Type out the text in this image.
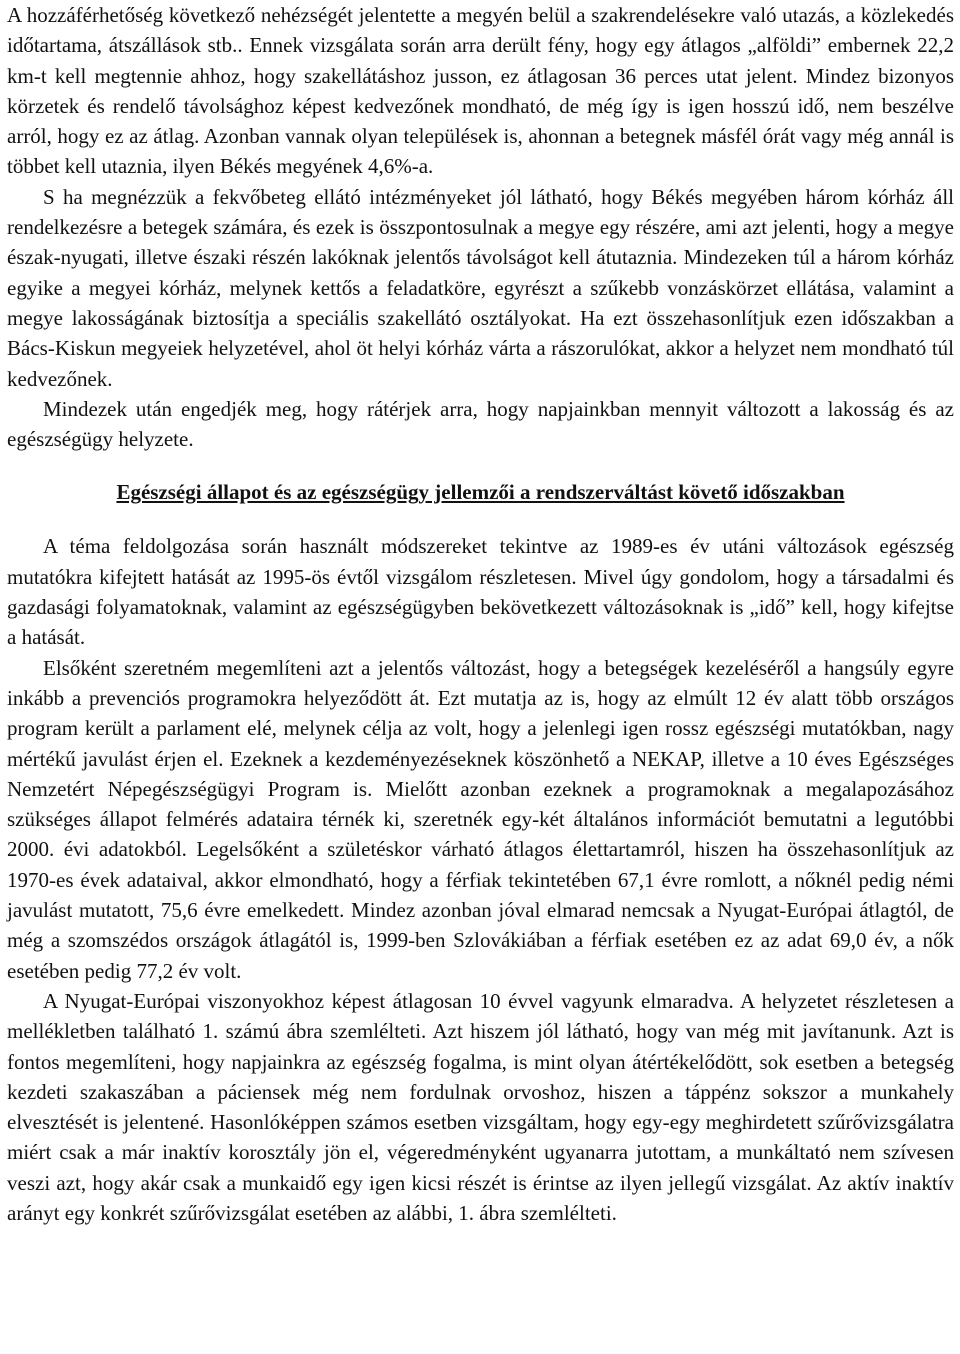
A hozzáférhetőség következő nehézségét jelentette a megyén belül a szakrendelésekre való utazás, a közlekedés időtartama, átszállások stb.. Ennek vizsgálata során arra derült fény, hogy egy átlagos „alföldi” embernek 22,2 km-t kell megtennie ahhoz, hogy szakellátáshoz jusson, ez átlagosan 36 perces utat jelent. Mindez bizonyos körzetek és rendelő távolsághoz képest kedvezőnek mondható, de még így is igen hosszú idő, nem beszélve arról, hogy ez az átlag. Azonban vannak olyan települések is, ahonnan a betegnek másfél órát vagy még annál is többet kell utaznia, ilyen Békés megyének 4,6%-a.

S ha megnézzük a fekvőbeteg ellátó intézményeket jól látható, hogy Békés megyében három kórház áll rendelkezésre a betegek számára, és ezek is összpontosulnak a megye egy részére, ami azt jelenti, hogy a megye észak-nyugati, illetve északi részén lakóknak jelentős távolságot kell átutaznia. Mindezeken túl a három kórház egyike a megyei kórház, melynek kettős a feladatköre, egyrészt a szűkebb vonzáskörzet ellátása, valamint a megye lakosságának biztosítja a speciális szakellátó osztályokat. Ha ezt összehasonlítjuk ezen időszakban a Bács-Kiskun megyeiek helyzetével, ahol öt helyi kórház várta a rászorulókat, akkor a helyzet nem mondható túl kedvezőnek.

Mindezek után engedjék meg, hogy rátérjek arra, hogy napjainkban mennyit változott a lakosság és az egészségügy helyzete.

Egészségi állapot és az egészségügy jellemzői a rendszerváltást követő időszakban

A téma feldolgozása során használt módszereket tekintve az 1989-es év utáni változások egészség mutatókra kifejtett hatását az 1995-ös évtől vizsgálom részletesen. Mivel úgy gondolom, hogy a társadalmi és gazdasági folyamatoknak, valamint az egészségügyben bekövetkezett változásoknak is „idő” kell, hogy kifejtse a hatását.

Elsőként szeretném megemlíteni azt a jelentős változást, hogy a betegségek kezeléséről a hangsúly egyre inkább a prevenciós programokra helyeződött át. Ezt mutatja az is, hogy az elmúlt 12 év alatt több országos program került a parlament elé, melynek célja az volt, hogy a jelenlegi igen rossz egészségi mutatókban, nagy mértékű javulást érjen el. Ezeknek a kezdeményezéseknek köszönhető a NEKAP, illetve a 10 éves Egészséges Nemzetért Népegészségügyi Program is. Mielőtt azonban ezeknek a programoknak a megalapozásához szükséges állapot felmérés adataira térnék ki, szeretnék egy-két általános információt bemutatni a legutóbbi 2000. évi adatokból. Legelsőként a születéskor várható átlagos élettartamról, hiszen ha összehasonlítjuk az 1970-es évek adataival, akkor elmondható, hogy a férfiak tekintetében 67,1 évre romlott, a nőknél pedig némi javulást mutatott, 75,6 évre emelkedett. Mindez azonban jóval elmarad nemcsak a Nyugat-Európai átlagtól, de még a szomszédos országok átlagától is, 1999-ben Szlovákiában a férfiak esetében ez az adat 69,0 év, a nők esetében pedig 77,2 év volt.

A Nyugat-Európai viszonyokhoz képest átlagosan 10 évvel vagyunk elmaradva. A helyzetet részletesen a mellékletben található 1. számú ábra szemlélteti. Azt hiszem jól látható, hogy van még mit javítanunk. Azt is fontos megemlíteni, hogy napjainkra az egészség fogalma, is mint olyan átértékelődött, sok esetben a betegség kezdeti szakaszában a páciensek még nem fordulnak orvoshoz, hiszen a táppénz sokszor a munkahely elvesztését is jelentené. Hasonlóképpen számos esetben vizsgáltam, hogy egy-egy meghirdetett szűrővizsgálatra miért csak a már inaktív korosztály jön el, végeredményként ugyanarra jutottam, a munkáltató nem szívesen veszi azt, hogy akár csak a munkaidő egy igen kicsi részét is érintse az ilyen jellegű vizsgálat. Az aktív inaktív arányt egy konkrét szűrővizsgálat esetében az alábbi, 1. ábra szemlélteti.
